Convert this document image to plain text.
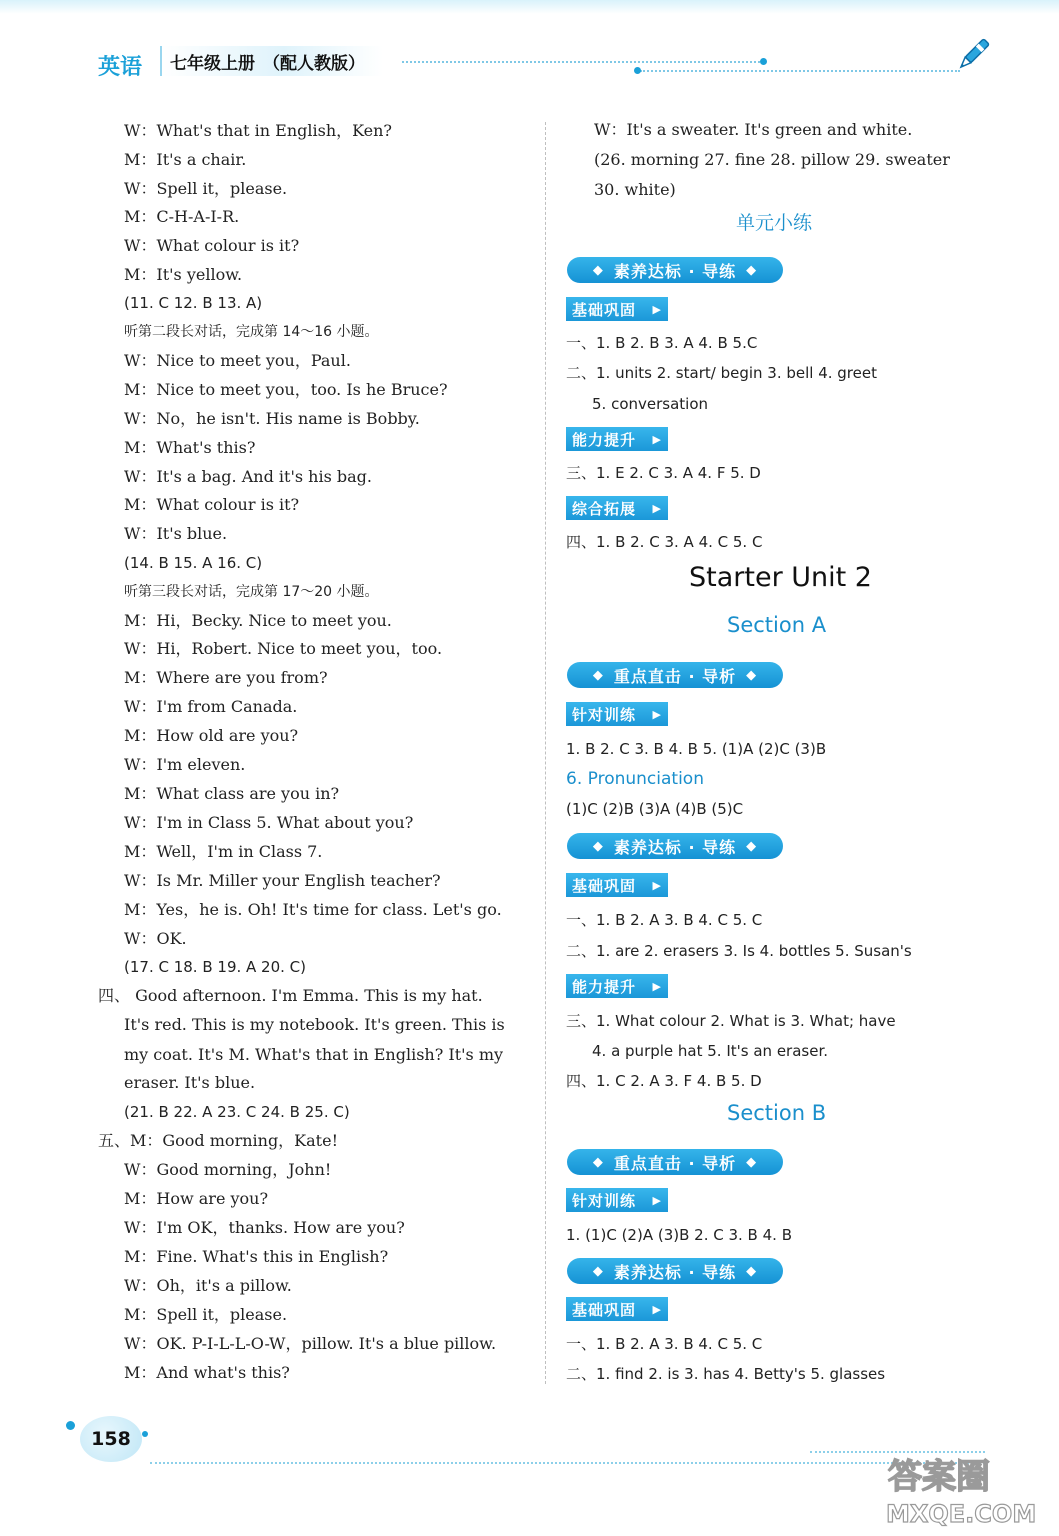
英语 七年级上册 （配人教版）
W：What's that in English，Ken?
M：It's a chair.
W：Spell it，please.
M：C-H-A-I-R.
W：What colour is it?
M：It's yellow.
(11. C 12. B 13. A)
听第二段长对话，完成第 14～16 小题。
W：Nice to meet you，Paul.
M：Nice to meet you，too. Is he Bruce?
W：No，he isn't. His name is Bobby.
M：What's this?
W：It's a bag. And it's his bag.
M：What colour is it?
W：It's blue.
(14. B 15. A 16. C)
听第三段长对话，完成第 17～20 小题。
M：Hi，Becky. Nice to meet you.
W：Hi，Robert. Nice to meet you，too.
M：Where are you from?
W：I'm from Canada.
M：How old are you?
W：I'm eleven.
M：What class are you in?
W：I'm in Class 5. What about you?
M：Well，I'm in Class 7.
W：Is Mr. Miller your English teacher?
M：Yes，he is. Oh! It's time for class. Let's go.
W：OK.
(17. C 18. B 19. A 20. C)
四、 Good afternoon. I'm Emma. This is my hat.
It's red. This is my notebook. It's green. This is
my coat. It's M. What's that in English? It's my
eraser. It's blue.
(21. B 22. A 23. C 24. B 25. C)
五、M：Good morning，Kate!
W：Good morning，John!
M：How are you?
W：I'm OK，thanks. How are you?
M：Fine. What's this in English?
W：Oh，it's a pillow.
M：Spell it，please.
W：OK. P-I-L-L-O-W，pillow. It's a blue pillow.
M：And what's this?
W：It's a sweater. It's green and white.
(26. morning 27. fine 28. pillow 29. sweater
30. white)
单元小练
◆ 素养达标 · 导练 ◆
基础巩固 ▶
一、1. B 2. B 3. A 4. B 5.C
二、1. units 2. start/ begin 3. bell 4. greet
5. conversation
能力提升 ▶
三、1. E 2. C 3. A 4. F 5. D
综合拓展 ▶
四、1. B 2. C 3. A 4. C 5. C
Starter Unit 2
Section A
◆ 重点直击 · 导析 ◆
针对训练 ▶
1. B 2. C 3. B 4. B 5. (1)A (2)C (3)B
6. Pronunciation
(1)C (2)B (3)A (4)B (5)C
◆ 素养达标 · 导练 ◆
基础巩固 ▶
一、1. B 2. A 3. B 4. C 5. C
二、1. are 2. erasers 3. Is 4. bottles 5. Susan's
能力提升 ▶
三、1. What colour 2. What is 3. What; have
4. a purple hat 5. It's an eraser.
四、1. C 2. A 3. F 4. B 5. D
Section B
◆ 重点直击 · 导析 ◆
针对训练 ▶
1. (1)C (2)A (3)B 2. C 3. B 4. B
◆ 素养达标 · 导练 ◆
基础巩固 ▶
一、1. B 2. A 3. B 4. C 5. C
二、1. find 2. is 3. has 4. Betty's 5. glasses
158
答案圈
MXQE.COM
